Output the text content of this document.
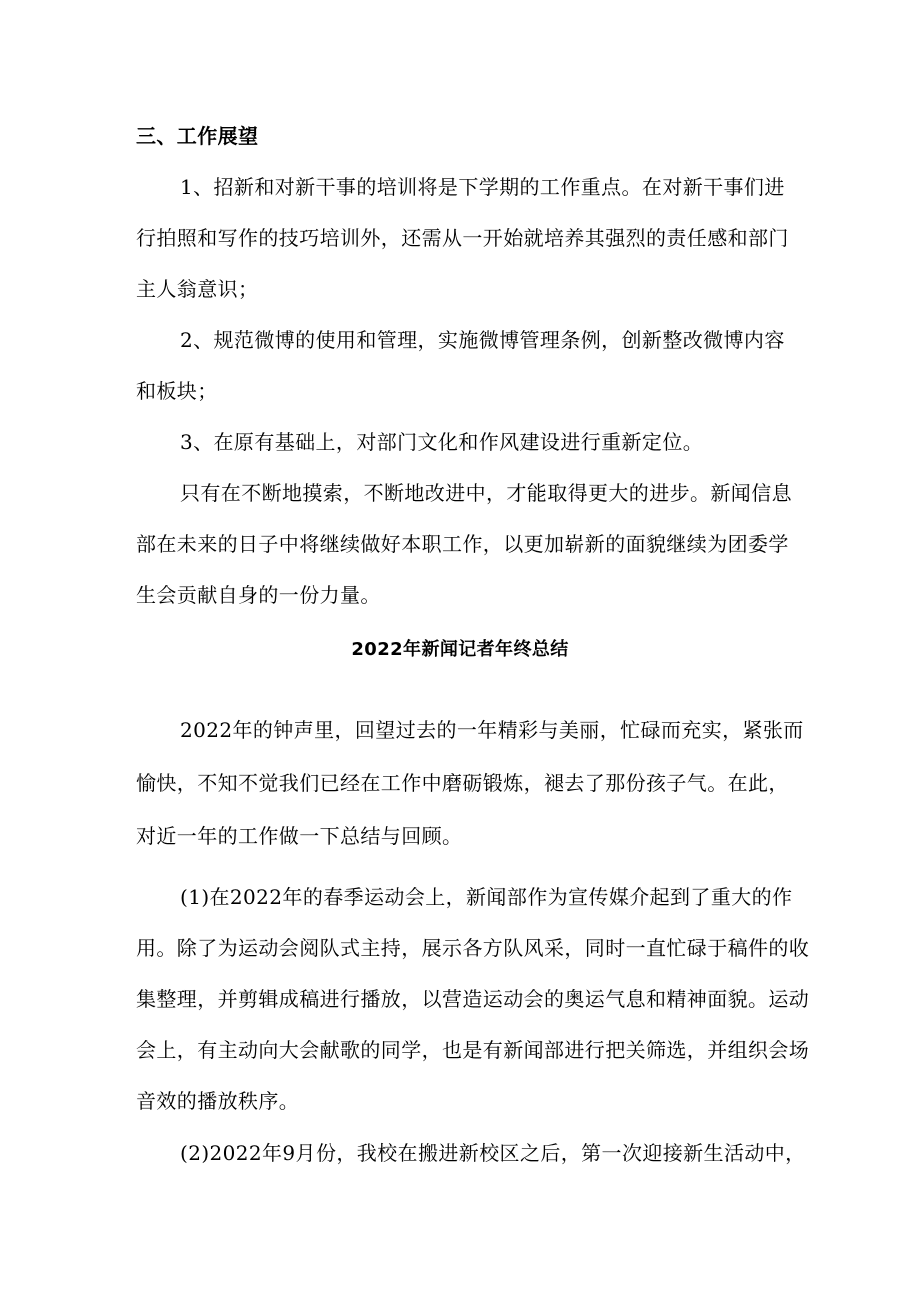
三、工作展望

1、招新和对新干事的培训将是下学期的工作重点。在对新干事们进

行拍照和写作的技巧培训外，还需从一开始就培养其强烈的责任感和部门

主人翁意识；

2、规范微博的使用和管理，实施微博管理条例，创新整改微博内容

和板块；

3、在原有基础上，对部门文化和作风建设进行重新定位。

只有在不断地摸索，不断地改进中，才能取得更大的进步。新闻信息

部在未来的日子中将继续做好本职工作，以更加崭新的面貌继续为团委学

生会贡献自身的一份力量。

2022年新闻记者年终总结

2022年的钟声里，回望过去的一年精彩与美丽，忙碌而充实，紧张而

愉快，不知不觉我们已经在工作中磨砺锻炼，褪去了那份孩子气。在此，

对近一年的工作做一下总结与回顾。

(1)在2022年的春季运动会上，新闻部作为宣传媒介起到了重大的作

用。除了为运动会阅队式主持，展示各方队风采，同时一直忙碌于稿件的收

集整理，并剪辑成稿进行播放，以营造运动会的奥运气息和精神面貌。运动

会上，有主动向大会献歌的同学，也是有新闻部进行把关筛选，并组织会场

音效的播放秩序。

(2)2022年9月份，我校在搬进新校区之后，第一次迎接新生活动中，
